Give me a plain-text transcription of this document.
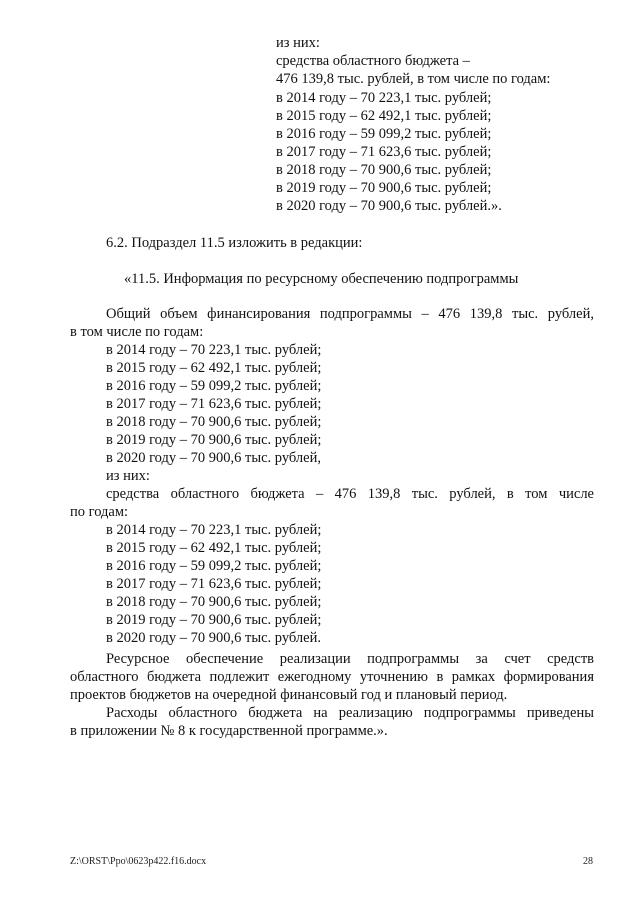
из них:
средства областного бюджета –
476 139,8 тыс. рублей, в том числе по годам:
в 2014 году – 70 223,1 тыс. рублей;
в 2015 году – 62 492,1 тыс. рублей;
в 2016 году – 59 099,2 тыс. рублей;
в 2017 году – 71 623,6 тыс. рублей;
в 2018 году – 70 900,6 тыс. рублей;
в 2019 году – 70 900,6 тыс. рублей;
в 2020 году – 70 900,6 тыс. рублей.».
6.2. Подраздел 11.5 изложить в редакции:
«11.5. Информация по ресурсному обеспечению подпрограммы
Общий объем финансирования подпрограммы – 476 139,8 тыс. рублей,
в том числе по годам:
в 2014 году – 70 223,1 тыс. рублей;
в 2015 году – 62 492,1 тыс. рублей;
в 2016 году – 59 099,2 тыс. рублей;
в 2017 году – 71 623,6 тыс. рублей;
в 2018 году – 70 900,6 тыс. рублей;
в 2019 году – 70 900,6 тыс. рублей;
в 2020 году – 70 900,6 тыс. рублей,
из них:
средства областного бюджета – 476 139,8 тыс. рублей, в том числе
по годам:
в 2014 году – 70 223,1 тыс. рублей;
в 2015 году – 62 492,1 тыс. рублей;
в 2016 году – 59 099,2 тыс. рублей;
в 2017 году – 71 623,6 тыс. рублей;
в 2018 году – 70 900,6 тыс. рублей;
в 2019 году – 70 900,6 тыс. рублей;
в 2020 году – 70 900,6 тыс. рублей.
Ресурсное обеспечение реализации подпрограммы за счет средств
областного бюджета подлежит ежегодному уточнению в рамках формирования
проектов бюджетов на очередной финансовый год и плановый период.
Расходы областного бюджета на реализацию подпрограммы приведены
в приложении № 8 к государственной программе.».
Z:\ORST\Ppo\0623p422.f16.docx	28
